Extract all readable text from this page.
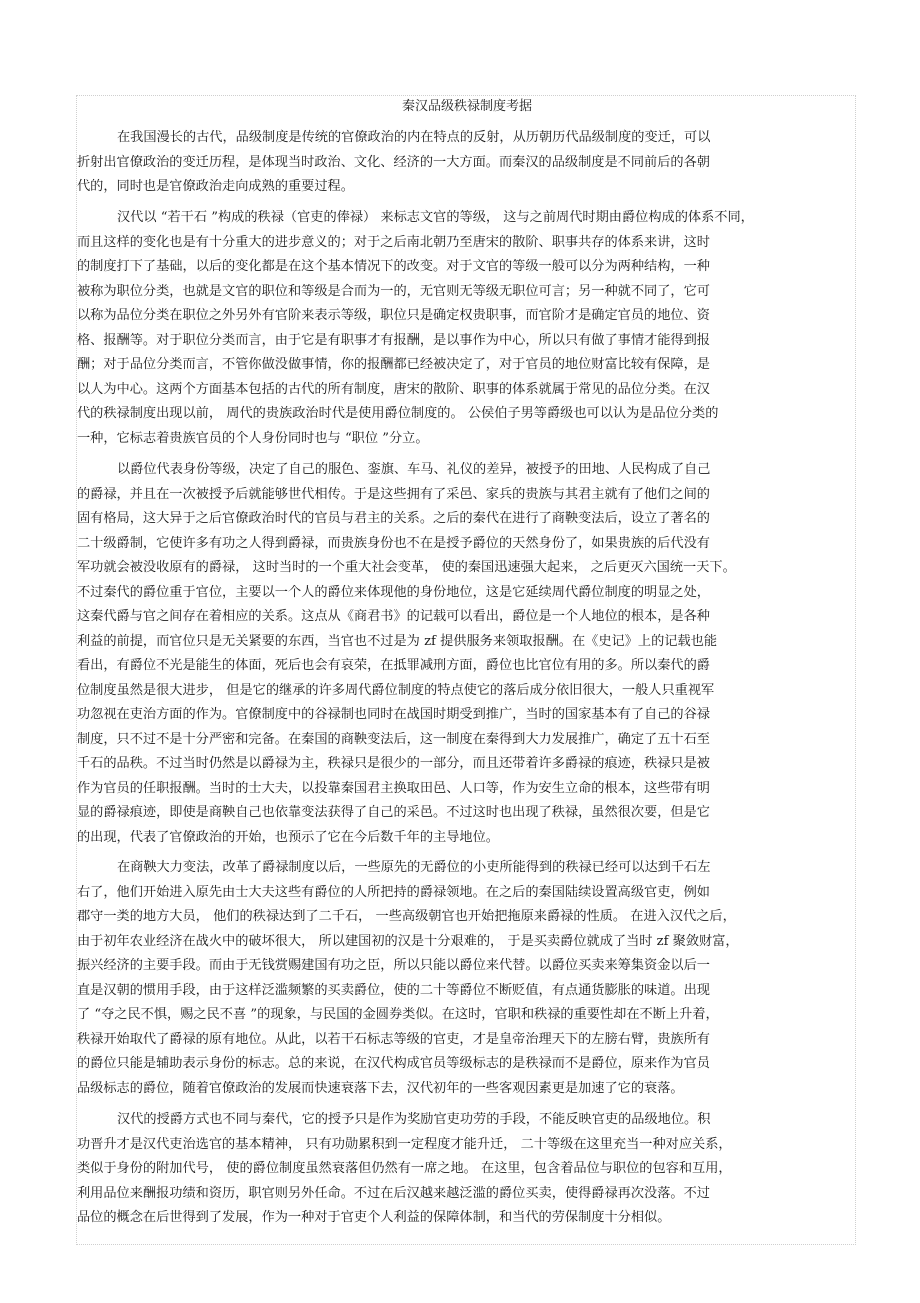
秦汉品级秩禄制度考据
在我国漫长的古代，品级制度是传统的官僚政治的内在特点的反射，从历朝历代品级制度的变迁，可以
折射出官僚政治的变迁历程，是体现当时政治、文化、经济的一大方面。而秦汉的品级制度是不同前后的各朝
代的，同时也是官僚政治走向成熟的重要过程。
汉代以 “若干石 ”构成的秩禄（官吏的俸禄） 来标志文官的等级， 这与之前周代时期由爵位构成的体系不同，
而且这样的变化也是有十分重大的进步意义的；对于之后南北朝乃至唐宋的散阶、职事共存的体系来讲，这时
的制度打下了基础，以后的变化都是在这个基本情况下的改变。对于文官的等级一般可以分为两种结构，一种
被称为职位分类，也就是文官的职位和等级是合而为一的，无官则无等级无职位可言；另一种就不同了，它可
以称为品位分类在职位之外另外有官阶来表示等级，职位只是确定权贵职事，而官阶才是确定官员的地位、资
格、报酬等。对于职位分类而言，由于它是有职事才有报酬，是以事作为中心，所以只有做了事情才能得到报
酬；对于品位分类而言，不管你做没做事情，你的报酬都已经被决定了，对于官员的地位财富比较有保障，是
以人为中心。这两个方面基本包括的古代的所有制度，唐宋的散阶、职事的体系就属于常见的品位分类。在汉
代的秩禄制度出现以前， 周代的贵族政治时代是使用爵位制度的。 公侯伯子男等爵级也可以认为是品位分类的
一种，它标志着贵族官员的个人身份同时也与 “职位 ”分立。
以爵位代表身份等级，决定了自己的服色、銮旗、车马、礼仪的差异，被授予的田地、人民构成了自己
的爵禄，并且在一次被授予后就能够世代相传。于是这些拥有了采邑、家兵的贵族与其君主就有了他们之间的
固有格局，这大异于之后官僚政治时代的官员与君主的关系。之后的秦代在进行了商鞅变法后，设立了著名的
二十级爵制，它使许多有功之人得到爵禄，而贵族身份也不在是授予爵位的天然身份了，如果贵族的后代没有
军功就会被没收原有的爵禄， 这时当时的一个重大社会变革， 使的秦国迅速强大起来， 之后更灭六国统一天下。
不过秦代的爵位重于官位，主要以一个人的爵位来体现他的身份地位，这是它延续周代爵位制度的明显之处，
这秦代爵与官之间存在着相应的关系。这点从《商君书》的记载可以看出，爵位是一个人地位的根本，是各种
利益的前提，而官位只是无关紧要的东西，当官也不过是为 zf 提供服务来领取报酬。在《史记》上的记载也能
看出，有爵位不光是能生的体面，死后也会有哀荣，在抵罪减刑方面，爵位也比官位有用的多。所以秦代的爵
位制度虽然是很大进步， 但是它的继承的许多周代爵位制度的特点使它的落后成分依旧很大，一般人只重视军
功忽视在吏治方面的作为。官僚制度中的谷禄制也同时在战国时期受到推广，当时的国家基本有了自己的谷禄
制度，只不过不是十分严密和完备。在秦国的商鞅变法后，这一制度在秦得到大力发展推广，确定了五十石至
千石的品秩。不过当时仍然是以爵禄为主，秩禄只是很少的一部分，而且还带着许多爵禄的痕迹，秩禄只是被
作为官员的任职报酬。当时的士大夫，以投靠秦国君主换取田邑、人口等，作为安生立命的根本，这些带有明
显的爵禄痕迹，即使是商鞅自己也依靠变法获得了自己的采邑。不过这时也出现了秩禄，虽然很次要，但是它
的出现，代表了官僚政治的开始，也预示了它在今后数千年的主导地位。
在商鞅大力变法，改革了爵禄制度以后，一些原先的无爵位的小吏所能得到的秩禄已经可以达到千石左
右了，他们开始进入原先由士大夫这些有爵位的人所把持的爵禄领地。在之后的秦国陆续设置高级官吏，例如
郡守一类的地方大员， 他们的秩禄达到了二千石， 一些高级朝官也开始把拖原来爵禄的性质。 在进入汉代之后，
由于初年农业经济在战火中的破坏很大， 所以建国初的汉是十分艰难的， 于是买卖爵位就成了当时 zf 聚敛财富，
振兴经济的主要手段。而由于无钱赏赐建国有功之臣，所以只能以爵位来代替。以爵位买卖来筹集资金以后一
直是汉朝的惯用手段，由于这样泛滥频繁的买卖爵位，使的二十等爵位不断贬值，有点通货膨胀的味道。出现
了 “夺之民不惧，赐之民不喜 ”的现象，与民国的金圆券类似。在这时，官职和秩禄的重要性却在不断上升着，
秩禄开始取代了爵禄的原有地位。从此，以若干石标志等级的官吏，才是皇帝治理天下的左膀右臂，贵族所有
的爵位只能是辅助表示身份的标志。总的来说，在汉代构成官员等级标志的是秩禄而不是爵位，原来作为官员
品级标志的爵位，随着官僚政治的发展而快速衰落下去，汉代初年的一些客观因素更是加速了它的衰落。
汉代的授爵方式也不同与秦代，它的授予只是作为奖励官吏功劳的手段，不能反映官吏的品级地位。积
功晋升才是汉代吏治选官的基本精神， 只有功勋累积到一定程度才能升迁， 二十等级在这里充当一种对应关系，
类似于身份的附加代号， 使的爵位制度虽然衰落但仍然有一席之地。 在这里，包含着品位与职位的包容和互用，
利用品位来酬报功绩和资历，职官则另外任命。不过在后汉越来越泛滥的爵位买卖，使得爵禄再次没落。不过
品位的概念在后世得到了发展，作为一种对于官吏个人利益的保障体制，和当代的劳保制度十分相似。
